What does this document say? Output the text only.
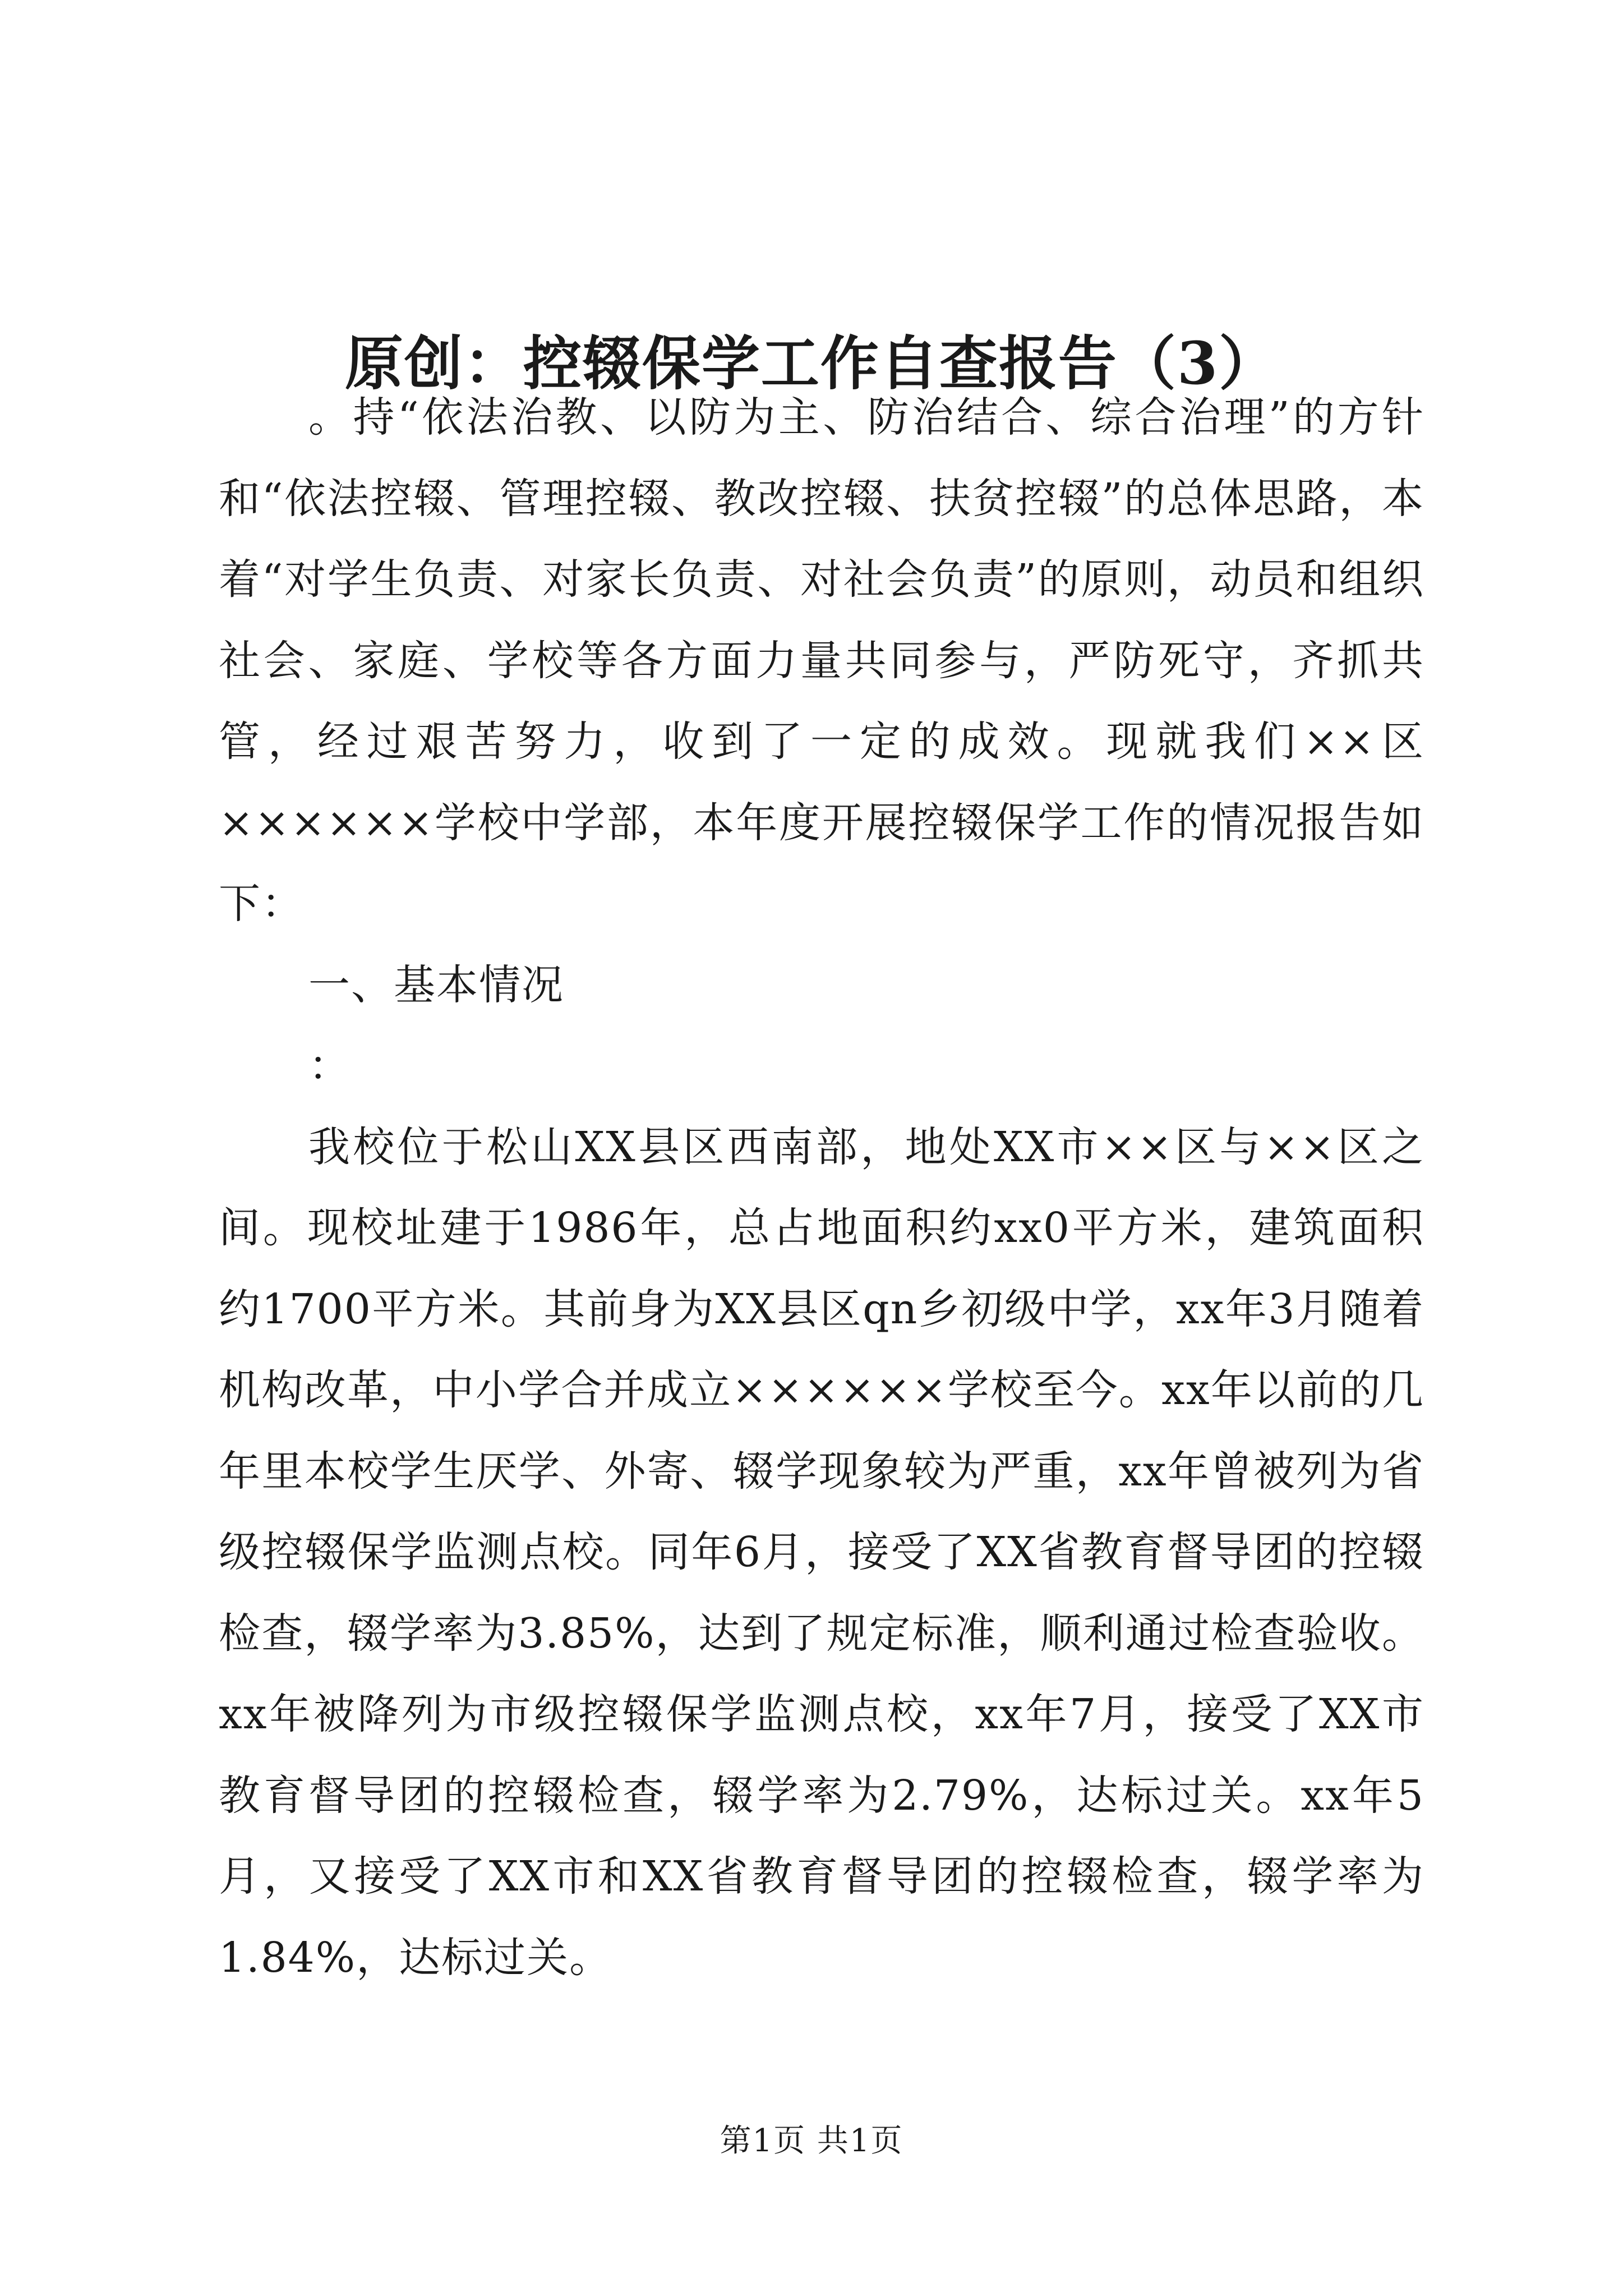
原创：控辍保学工作自查报告（3）

。持“依法治教、以防为主、防治结合、综合治理”的方针和“依法控辍、管理控辍、教改控辍、扶贫控辍”的总体思路，本着“对学生负责、对家长负责、对社会负责”的原则，动员和组织社会、家庭、学校等各方面力量共同参与，严防死守，齐抓共管，经过艰苦努力，收到了一定的成效。现就我们××区××××××学校中学部，本年度开展控辍保学工作的情况报告如下：

一、基本情况

：

我校位于松山XX县区西南部，地处XX市××区与××区之间。现校址建于1986年，总占地面积约xx0平方米，建筑面积约1700平方米。其前身为XX县区qn乡初级中学，xx年3月随着机构改革，中小学合并成立××××××学校至今。xx年以前的几年里本校学生厌学、外寄、辍学现象较为严重，xx年曾被列为省级控辍保学监测点校。同年6月，接受了XX省教育督导团的控辍检查，辍学率为3.85%，达到了规定标准，顺利通过检查验收。xx年被降列为市级控辍保学监测点校，xx年7月，接受了XX市教育督导团的控辍检查，辍学率为2.79%，达标过关。xx年5月，又接受了XX市和XX省教育督导团的控辍检查，辍学率为1.84%，达标过关。

第1页 共1页
